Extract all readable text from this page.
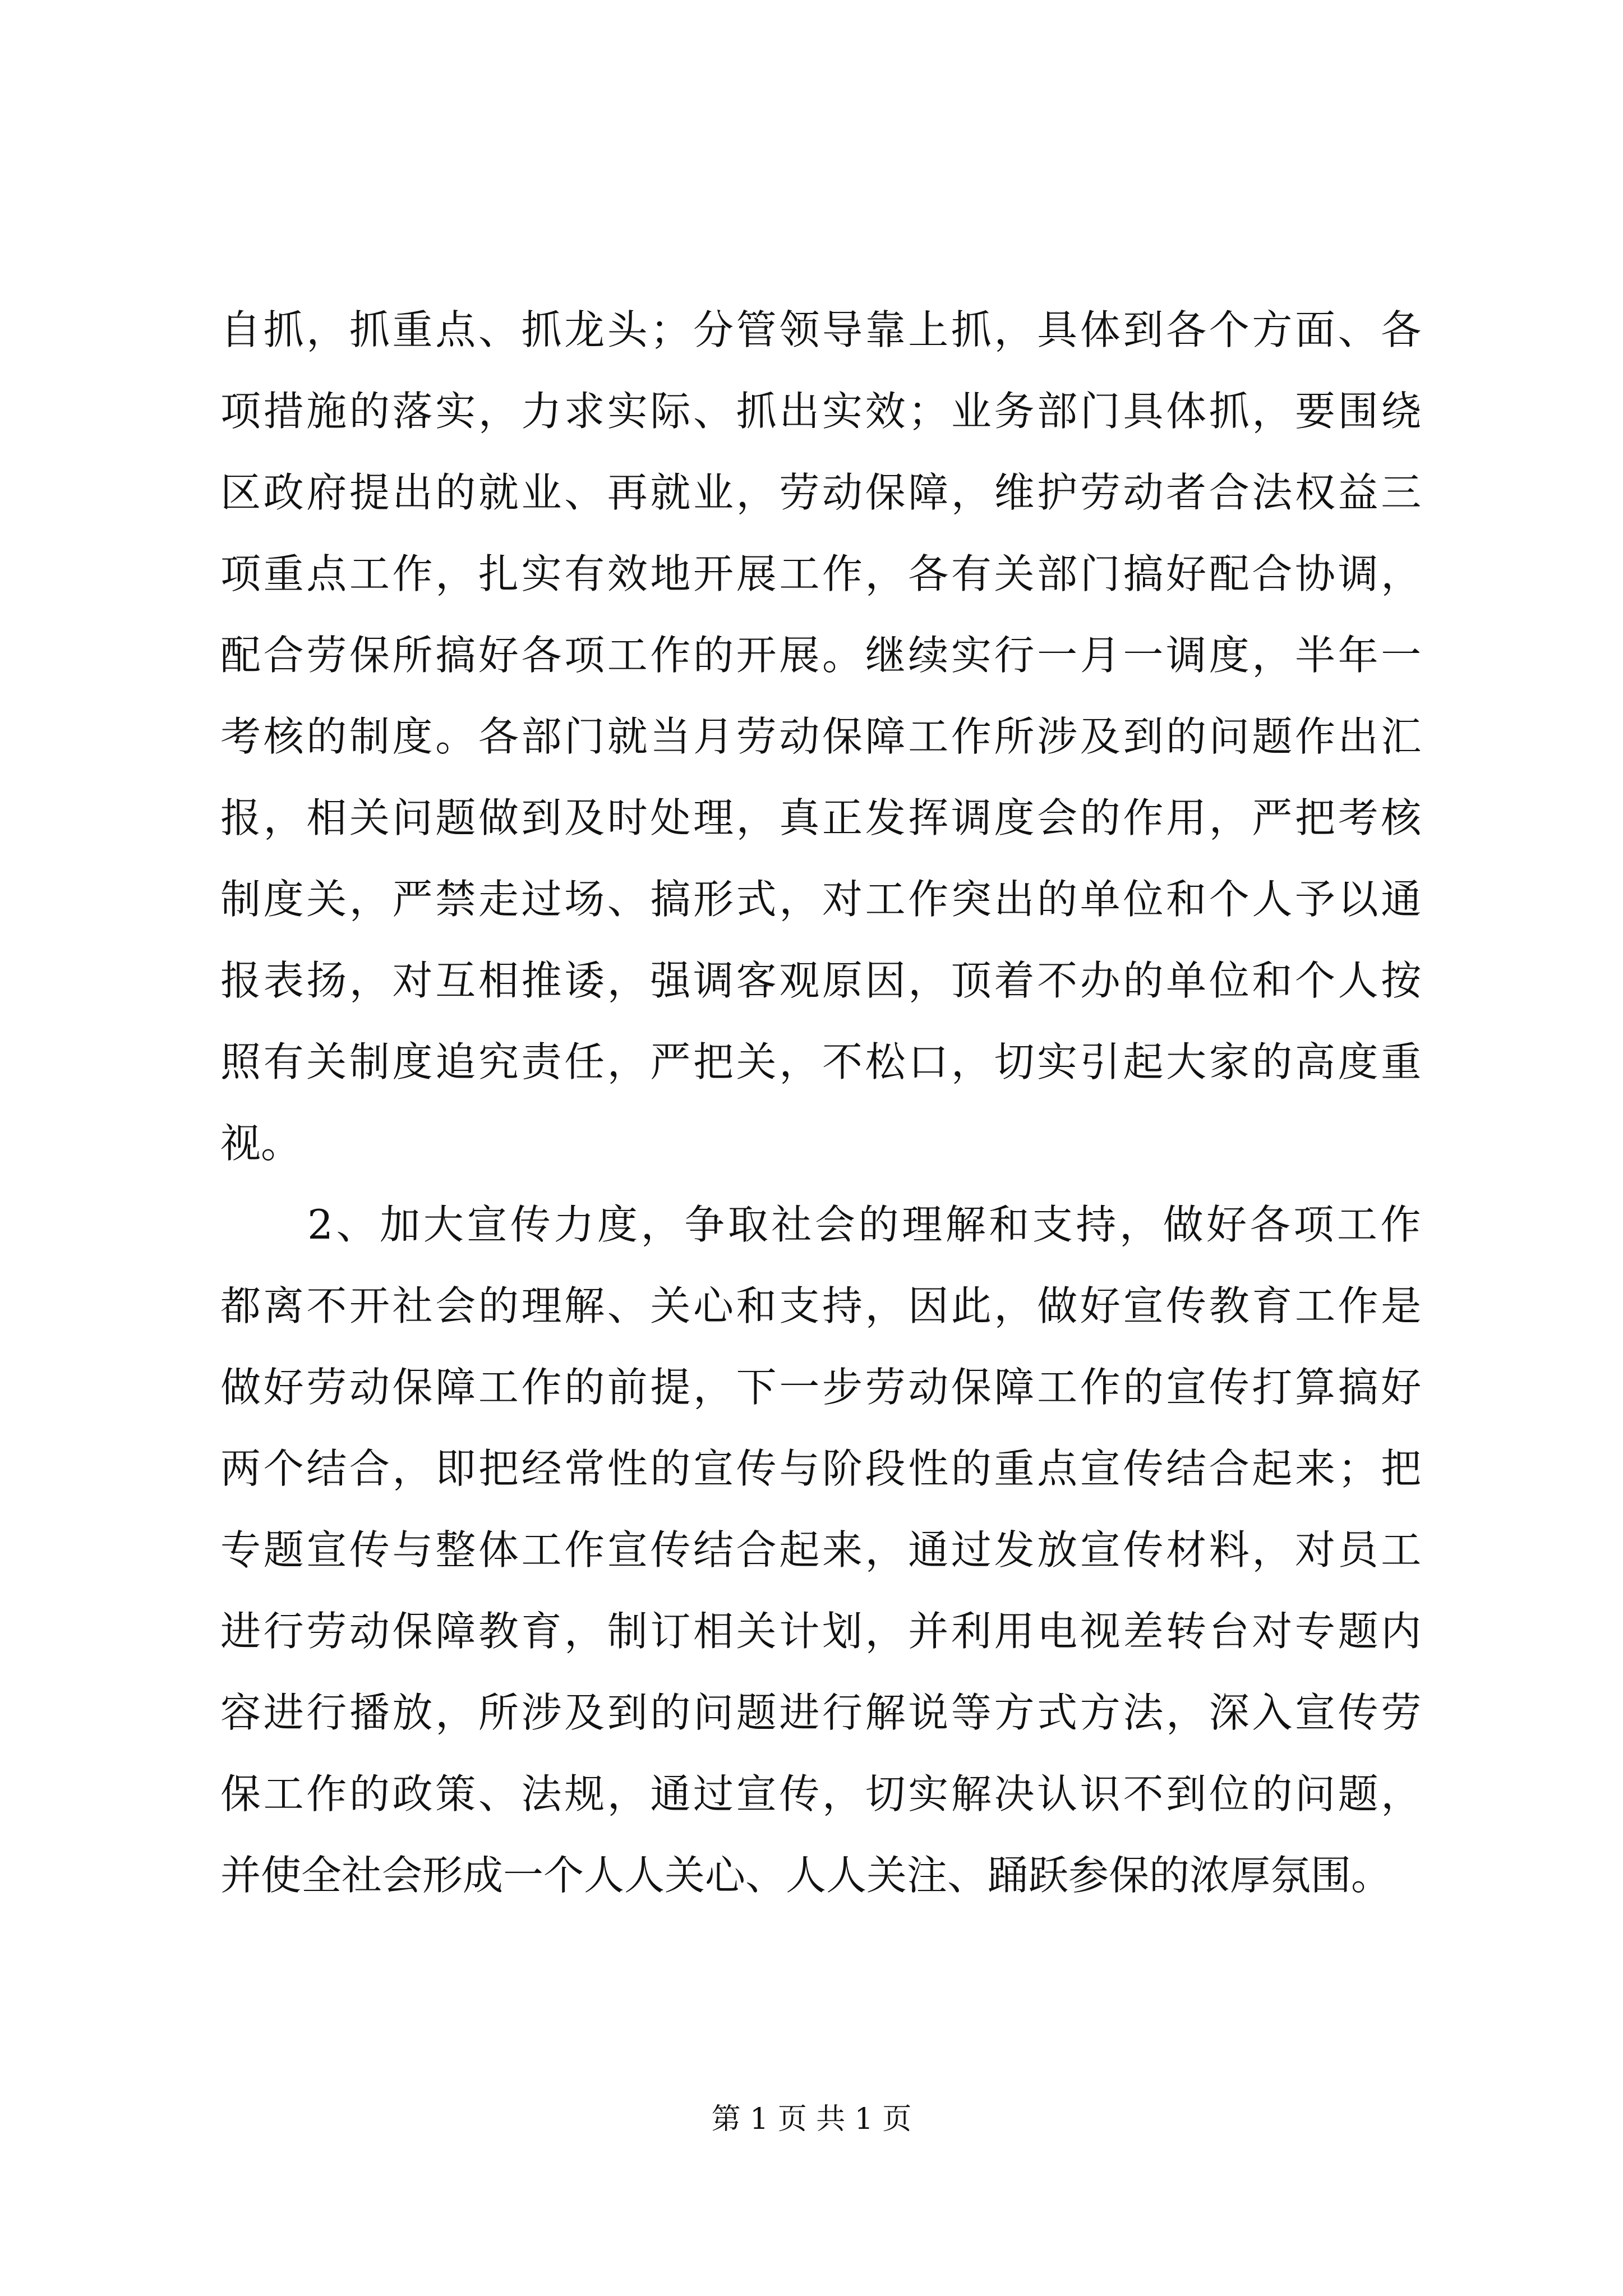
自抓，抓重点、抓龙头；分管领导靠上抓，具体到各个方面、各
项措施的落实，力求实际、抓出实效；业务部门具体抓，要围绕
区政府提出的就业、再就业，劳动保障，维护劳动者合法权益三
项重点工作，扎实有效地开展工作，各有关部门搞好配合协调，
配合劳保所搞好各项工作的开展。继续实行一月一调度，半年一
考核的制度。各部门就当月劳动保障工作所涉及到的问题作出汇
报，相关问题做到及时处理，真正发挥调度会的作用，严把考核
制度关，严禁走过场、搞形式，对工作突出的单位和个人予以通
报表扬，对互相推诿，强调客观原因，顶着不办的单位和个人按
照有关制度追究责任，严把关，不松口，切实引起大家的高度重
视。
　　2、加大宣传力度，争取社会的理解和支持，做好各项工作
都离不开社会的理解、关心和支持，因此，做好宣传教育工作是
做好劳动保障工作的前提，下一步劳动保障工作的宣传打算搞好
两个结合，即把经常性的宣传与阶段性的重点宣传结合起来；把
专题宣传与整体工作宣传结合起来，通过发放宣传材料，对员工
进行劳动保障教育，制订相关计划，并利用电视差转台对专题内
容进行播放，所涉及到的问题进行解说等方式方法，深入宣传劳
保工作的政策、法规，通过宣传，切实解决认识不到位的问题，
并使全社会形成一个人人关心、人人关注、踊跃参保的浓厚氛围。
第 1 页 共 1 页
